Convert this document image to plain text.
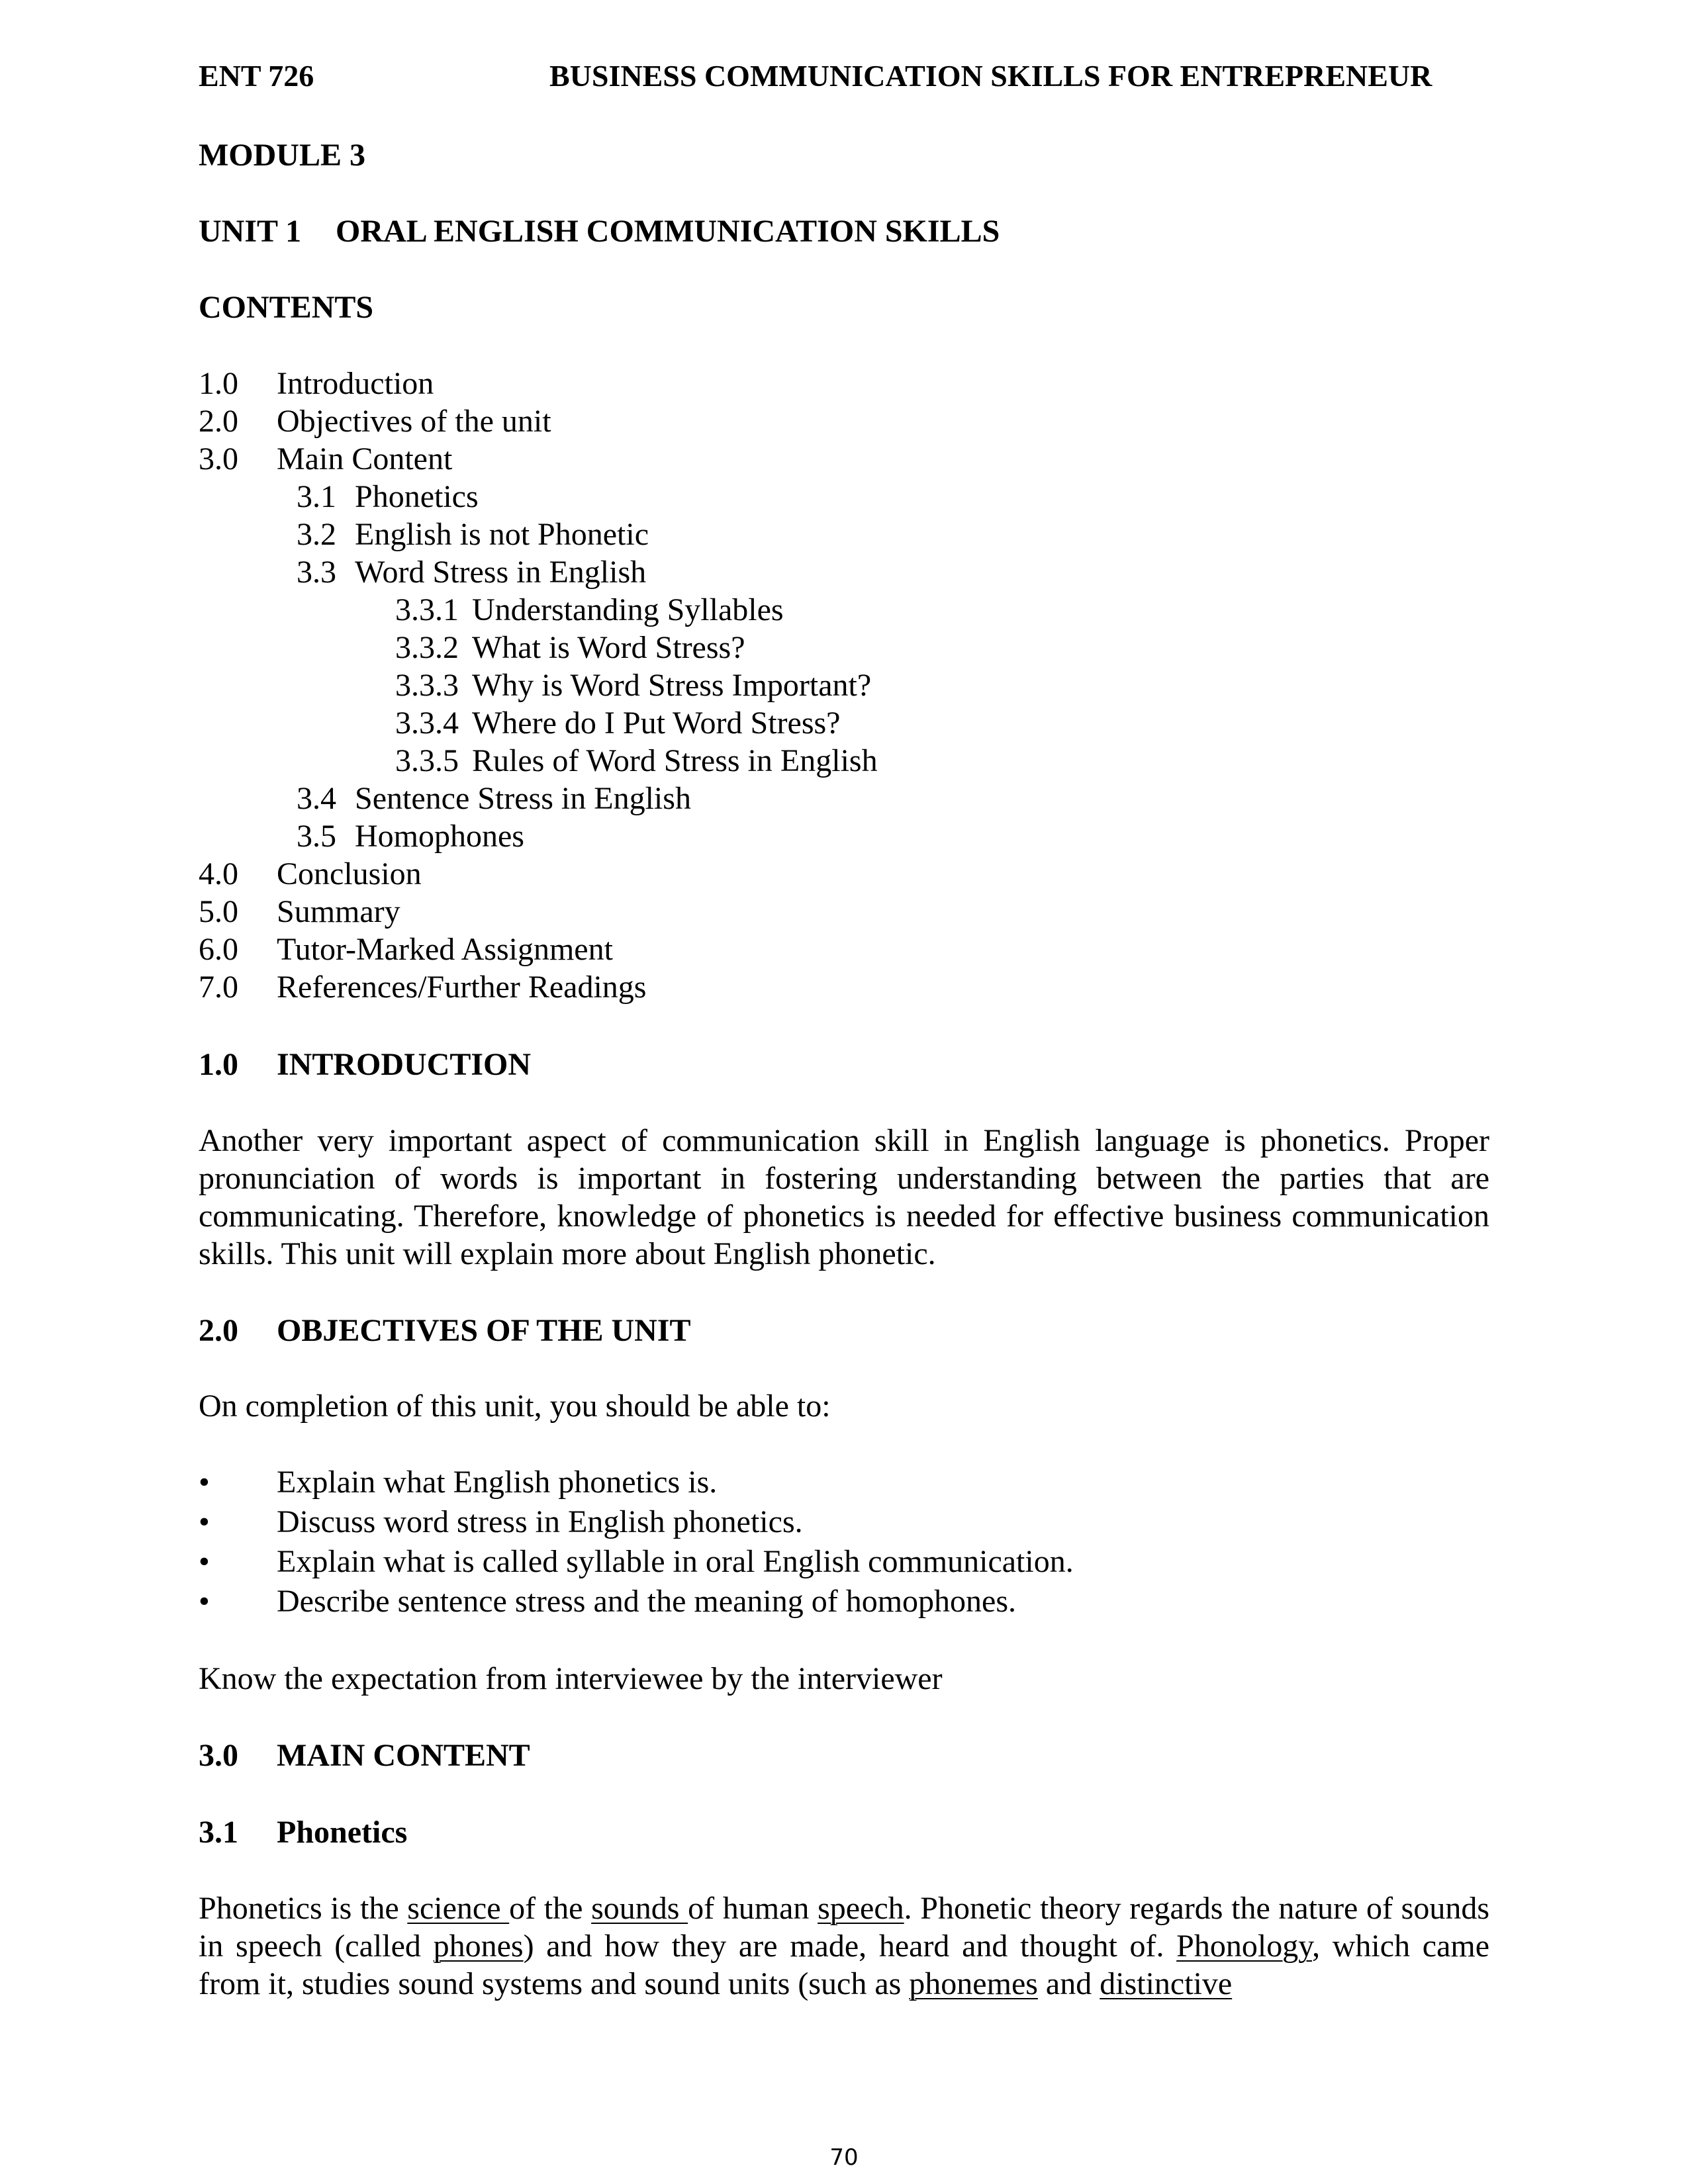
ENT 726	BUSINESS COMMUNICATION SKILLS FOR ENTREPRENEUR
MODULE 3
UNIT 1 ORAL ENGLISH COMMUNICATION SKILLS
CONTENTS
1.0 Introduction
2.0 Objectives of the unit
3.0 Main Content
3.1 Phonetics
3.2 English is not Phonetic
3.3 Word Stress in English
3.3.1 Understanding Syllables
3.3.2 What is Word Stress?
3.3.3 Why is Word Stress Important?
3.3.4 Where do I Put Word Stress?
3.3.5 Rules of Word Stress in English
3.4 Sentence Stress in English
3.5 Homophones
4.0 Conclusion
5.0 Summary
6.0 Tutor-Marked Assignment
7.0 References/Further Readings
1.0 INTRODUCTION
Another very important aspect of communication skill in English language is phonetics. Proper pronunciation of words is important in fostering understanding between the parties that are communicating. Therefore, knowledge of phonetics is needed for effective business communication skills. This unit will explain more about English phonetic.
2.0 OBJECTIVES OF THE UNIT
On completion of this unit, you should be able to:
• Explain what English phonetics is.
• Discuss word stress in English phonetics.
• Explain what is called syllable in oral English communication.
• Describe sentence stress and the meaning of homophones.
Know the expectation from interviewee by the interviewer
3.0 MAIN CONTENT
3.1 Phonetics
Phonetics is the science of the sounds of human speech. Phonetic theory regards the nature of sounds in speech (called phones) and how they are made, heard and thought of. Phonology, which came from it, studies sound systems and sound units (such as phonemes and distinctive
70
